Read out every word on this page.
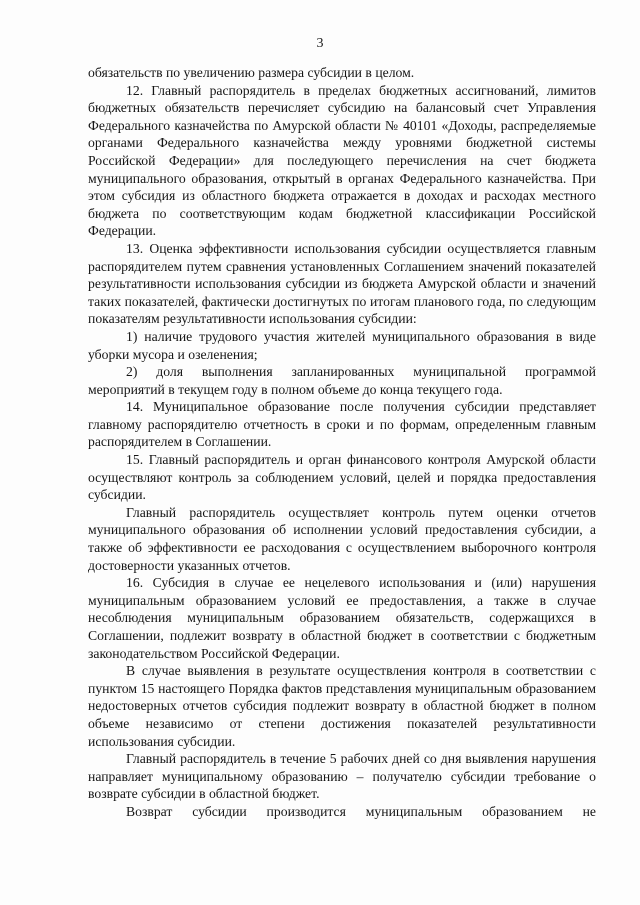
3

обязательств по увеличению размера субсидии в целом.

12. Главный распорядитель в пределах бюджетных ассигнований, лимитов бюджетных обязательств перечисляет субсидию на балансовый счет Управления Федерального казначейства по Амурской области № 40101 «Доходы, распределяемые органами Федерального казначейства между уровнями бюджетной системы Российской Федерации» для последующего перечисления на счет бюджета муниципального образования, открытый в органах Федерального казначейства. При этом субсидия из областного бюджета отражается в доходах и расходах местного бюджета по соответствующим кодам бюджетной классификации Российской Федерации.

13. Оценка эффективности использования субсидии осуществляется главным распорядителем путем сравнения установленных Соглашением значений показателей результативности использования субсидии из бюджета Амурской области и значений таких показателей, фактически достигнутых по итогам планового года, по следующим показателям результативности использования субсидии:

1) наличие трудового участия жителей муниципального образования в виде уборки мусора и озеленения;

2) доля выполнения запланированных муниципальной программой мероприятий в текущем году в полном объеме до конца текущего года.

14. Муниципальное образование после получения субсидии представляет главному распорядителю отчетность в сроки и по формам, определенным главным распорядителем в Соглашении.

15. Главный распорядитель и орган финансового контроля Амурской области осуществляют контроль за соблюдением условий, целей и порядка предоставления субсидии.

Главный распорядитель осуществляет контроль путем оценки отчетов муниципального образования об исполнении условий предоставления субсидии, а также об эффективности ее расходования с осуществлением выборочного контроля достоверности указанных отчетов.

16. Субсидия в случае ее нецелевого использования и (или) нарушения муниципальным образованием условий ее предоставления, а также в случае несоблюдения муниципальным образованием обязательств, содержащихся в Соглашении, подлежит возврату в областной бюджет в соответствии с бюджетным законодательством Российской Федерации.

В случае выявления в результате осуществления контроля в соответствии с пунктом 15 настоящего Порядка фактов представления муниципальным образованием недостоверных отчетов субсидия подлежит возврату в областной бюджет в полном объеме независимо от степени достижения показателей результативности использования субсидии.

Главный распорядитель в течение 5 рабочих дней со дня выявления нарушения направляет муниципальному образованию – получателю субсидии требование о возврате субсидии в областной бюджет.

Возврат субсидии производится муниципальным образованием не
